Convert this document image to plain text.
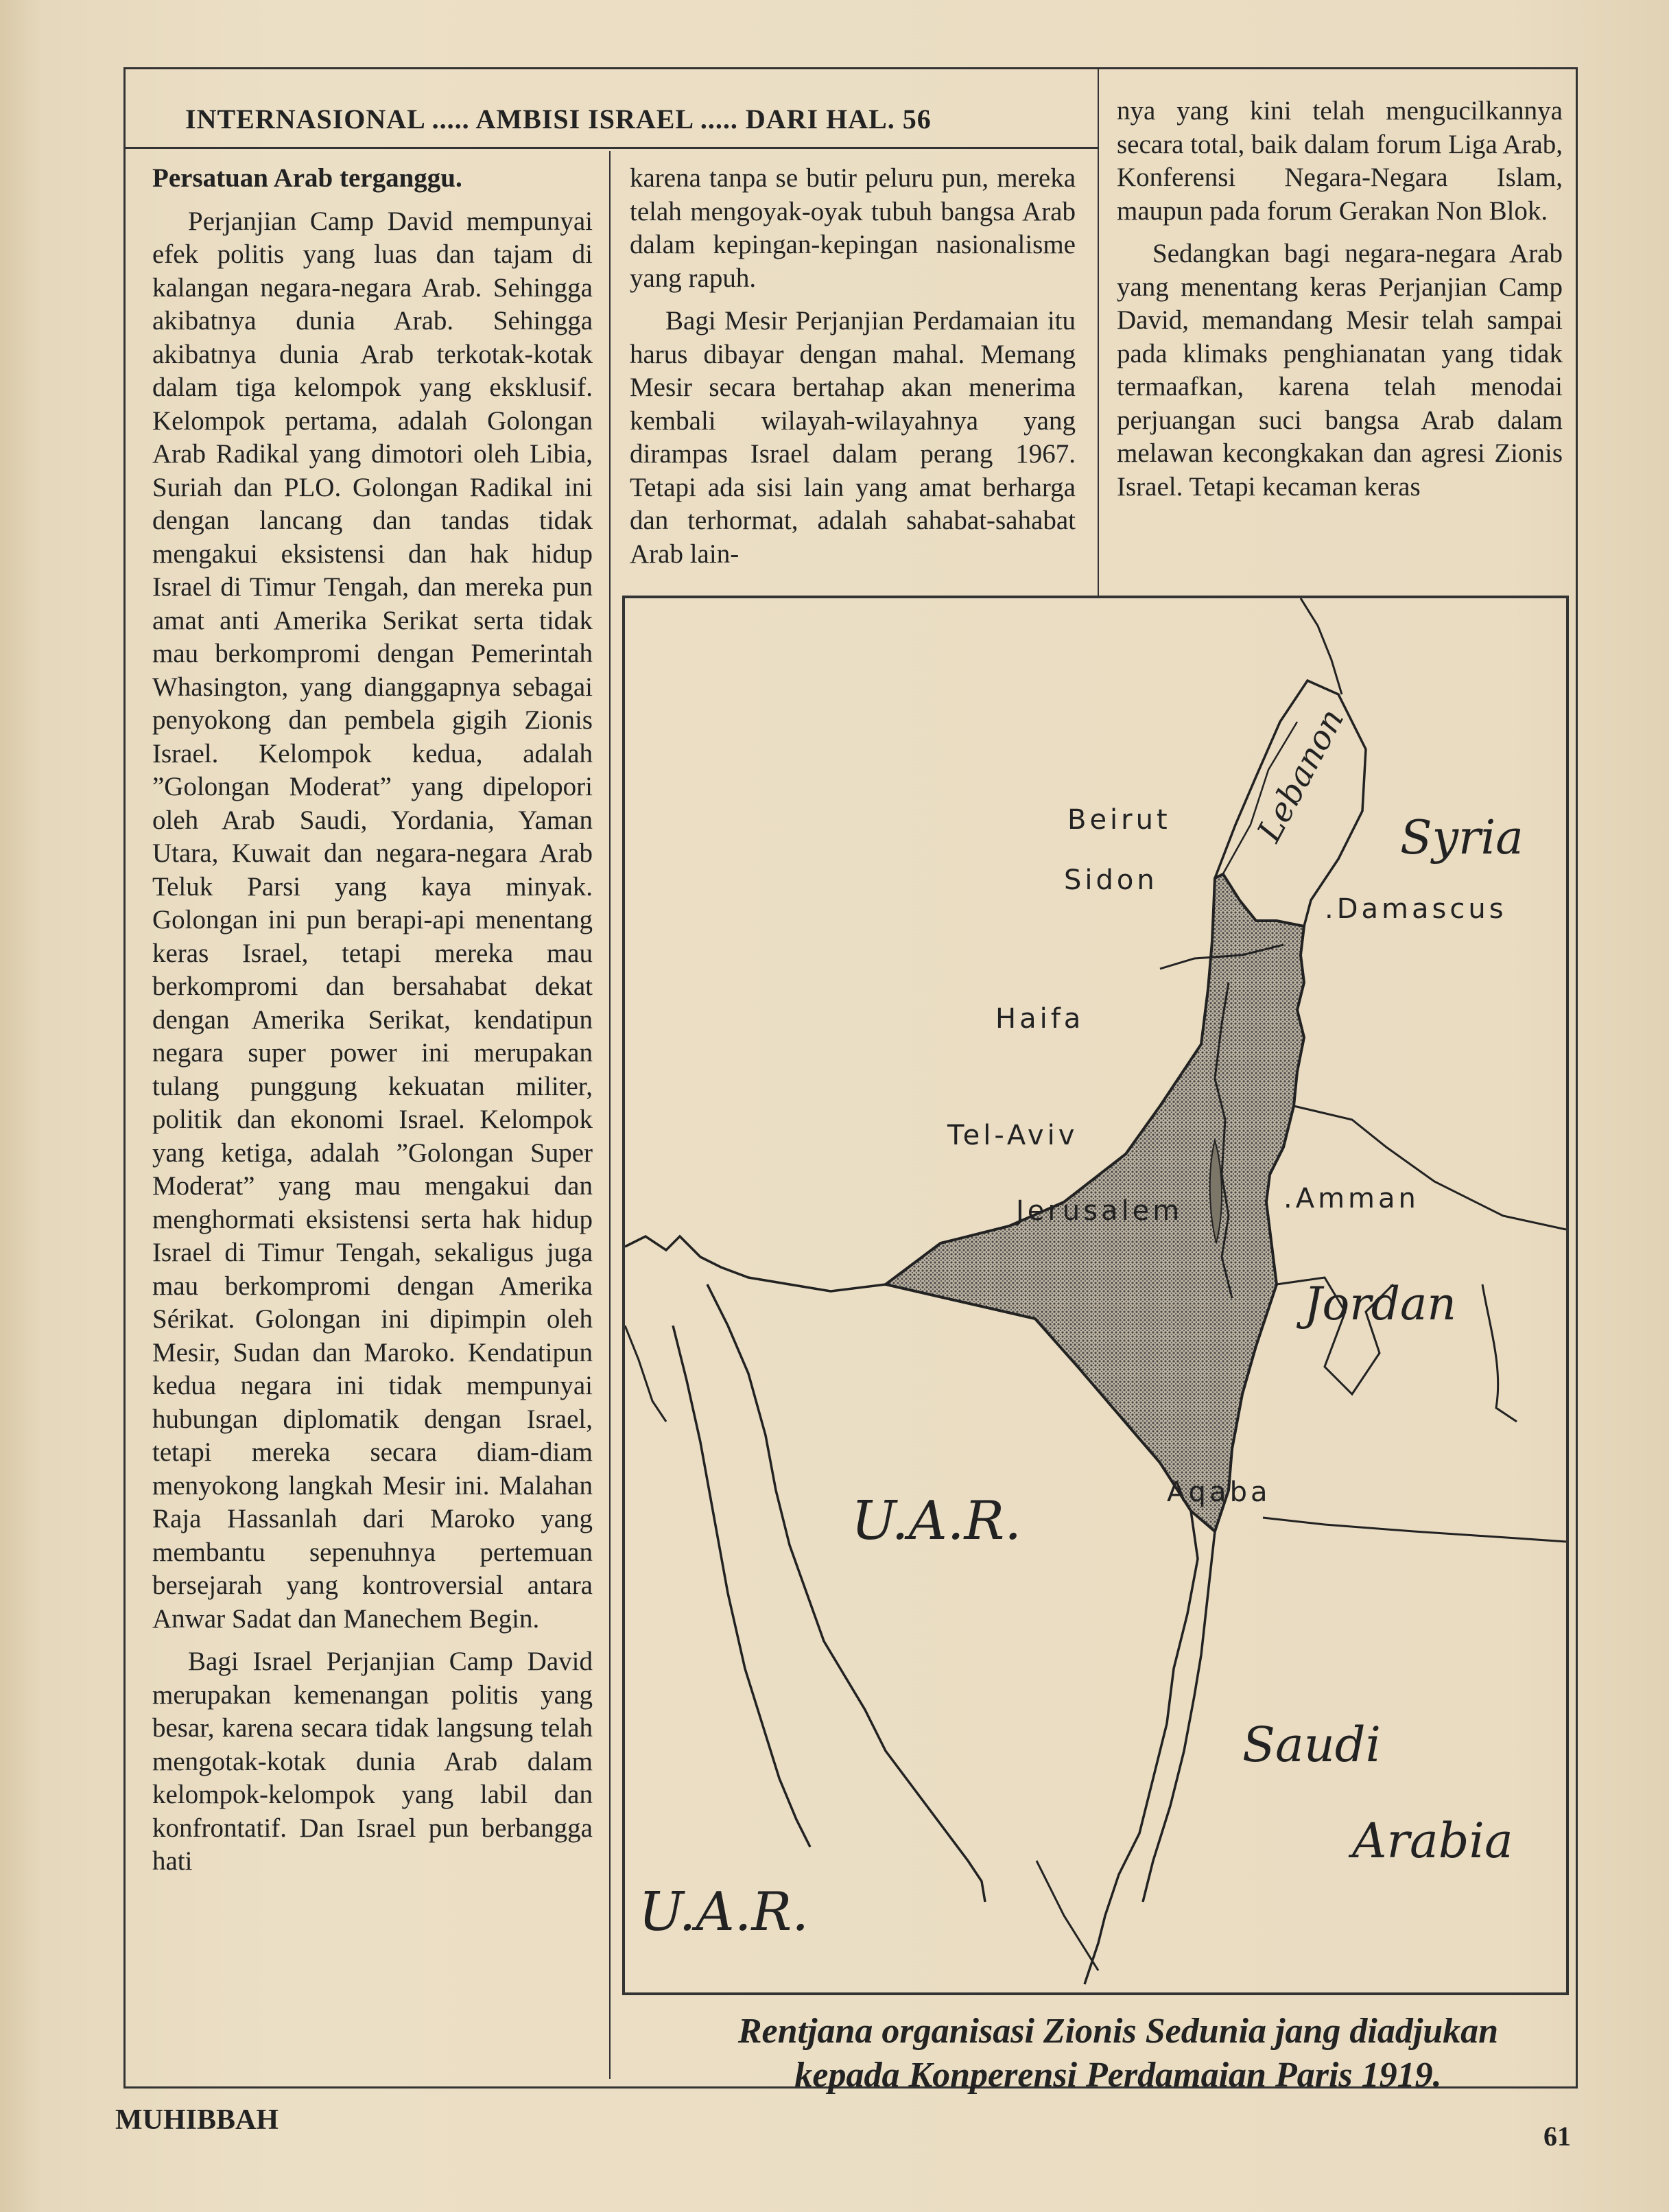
INTERNASIONAL ..... AMBISI ISRAEL ..... DARI HAL. 56

Persatuan Arab terganggu.

Perjanjian Camp David mempunyai efek politis yang luas dan tajam di kalangan negara-negara Arab. Sehingga akibatnya dunia Arab. Sehingga akibatnya dunia Arab terkotak-kotak dalam tiga kelompok yang eksklusif. Kelompok pertama, adalah Golongan Arab Radikal yang dimotori oleh Libia, Suriah dan PLO. Golongan Radikal ini dengan lancang dan tandas tidak mengakui eksistensi dan hak hidup Israel di Timur Tengah, dan mereka pun amat anti Amerika Serikat serta tidak mau berkompromi dengan Pemerintah Whasington, yang dianggapnya sebagai penyokong dan pembela gigih Zionis Israel. Kelompok kedua, adalah ”Golongan Moderat” yang dipelopori oleh Arab Saudi, Yordania, Yaman Utara, Kuwait dan negara-negara Arab Teluk Parsi yang kaya minyak. Golongan ini pun berapi-api menentang keras Israel, tetapi mereka mau berkompromi dan bersahabat dekat dengan Amerika Serikat, kendatipun negara super power ini merupakan tulang punggung kekuatan militer, politik dan ekonomi Israel. Kelompok yang ketiga, adalah ”Golongan Super Moderat” yang mau mengakui dan menghormati eksistensi serta hak hidup Israel di Timur Tengah, sekaligus juga mau berkompromi dengan Amerika Sérikat. Golongan ini dipimpin oleh Mesir, Sudan dan Maroko. Kendatipun kedua negara ini tidak mempunyai hubungan diplomatik dengan Israel, tetapi mereka secara diam-diam menyokong langkah Mesir ini. Malahan Raja Hassanlah dari Maroko yang membantu sepenuhnya pertemuan bersejarah yang kontroversial antara Anwar Sadat dan Manechem Begin.

Bagi Israel Perjanjian Camp David merupakan kemenangan politis yang besar, karena secara tidak langsung telah mengotak-kotak dunia Arab dalam kelompok-kelompok yang labil dan konfrontatif. Dan Israel pun berbangga hati

karena tanpa se butir peluru pun, mereka telah mengoyak-oyak tubuh bangsa Arab dalam kepingan-kepingan nasionalisme yang rapuh.

Bagi Mesir Perjanjian Perdamaian itu harus dibayar dengan mahal. Memang Mesir secara bertahap akan menerima kembali wilayah-wilayahnya yang dirampas Israel dalam perang 1967. Tetapi ada sisi lain yang amat berharga dan terhormat, adalah sahabat-sahabat Arab lain-

nya yang kini telah mengucilkannya secara total, baik dalam forum Liga Arab, Konferensi Negara-Negara Islam, maupun pada forum Gerakan Non Blok.

Sedangkan bagi negara-negara Arab yang menentang keras Perjanjian Camp David, memandang Mesir telah sampai pada klimaks penghianatan yang tidak termaafkan, karena telah menodai perjuangan suci bangsa Arab dalam melawan kecongkakan dan agresi Zionis Israel. Tetapi kecaman keras

Beirut
Sidon
.Damascus
Haifa
Tel-Aviv
Jerusalem	.Amman
Aqaba
Lebanon Syria
Jordan
U.A.R.
U.A.R.
Saudi
Arabia
Rentjana organisasi Zionis Sedunia jang diadjukan
kepada Konperensi Perdamaian Paris 1919.
MUHIBBAH
61
